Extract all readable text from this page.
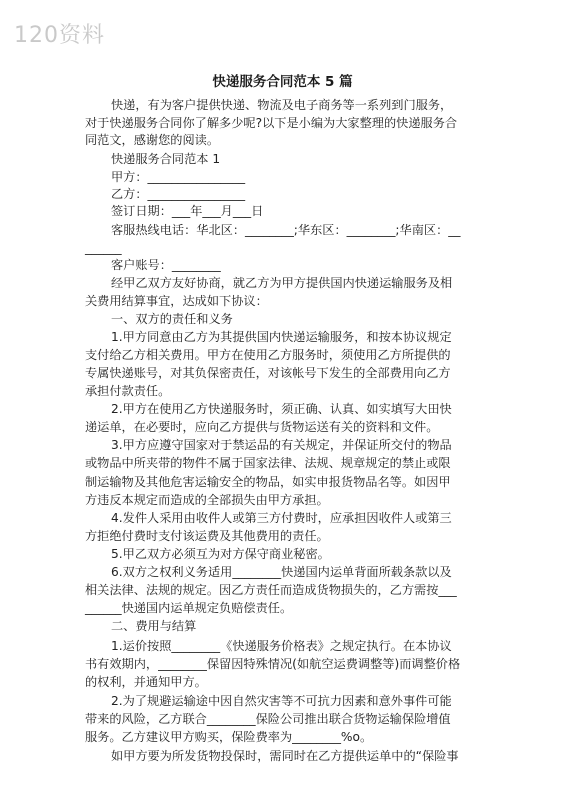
120资料
快递服务合同范本 5 篇
快递，有为客户提供快递、物流及电子商务等一系列到门服务，
对于快递服务合同你了解多少呢?以下是小编为大家整理的快递服务合
同范文，感谢您的阅读。
快递服务合同范本 1
甲方：________________
乙方：________________
签订日期：___年___月___日
客服热线电话：华北区：________;华东区：________;华南区：__
______
客户账号：________
经甲乙双方友好协商，就乙方为甲方提供国内快递运输服务及相
关费用结算事宜，达成如下协议：
一、双方的责任和义务
1.甲方同意由乙方为其提供国内快递运输服务，和按本协议规定
支付给乙方相关费用。甲方在使用乙方服务时，须使用乙方所提供的
专属快递账号，对其负保密责任，对该帐号下发生的全部费用向乙方
承担付款责任。
2.甲方在使用乙方快递服务时，须正确、认真、如实填写大田快
递运单，在必要时，应向乙方提供与货物运送有关的资料和文件。
3.甲方应遵守国家对于禁运品的有关规定，并保证所交付的物品
或物品中所夹带的物件不属于国家法律、法规、规章规定的禁止或限
制运输物及其他危害运输安全的物品，如实申报货物品名等。如因甲
方违反本规定而造成的全部损失由甲方承担。
4.发件人采用由收件人或第三方付费时，应承担因收件人或第三
方拒绝付费时支付该运费及其他费用的责任。
5.甲乙双方必须互为对方保守商业秘密。
6.双方之权利义务适用________快递国内运单背面所载条款以及
相关法律、法规的规定。因乙方责任而造成货物损失的，乙方需按___
______快递国内运单规定负赔偿责任。
二、费用与结算
1.运价按照________《快递服务价格表》之规定执行。在本协议
书有效期内，________保留因特殊情况(如航空运费调整等)而调整价格
的权利，并通知甲方。
2.为了规避运输途中因自然灾害等不可抗力因素和意外事件可能
带来的风险，乙方联合________保险公司推出联合货物运输保险增值
服务。乙方建议甲方购买，保险费率为________%o。
如甲方要为所发货物投保时，需同时在乙方提供运单中的“保险事
